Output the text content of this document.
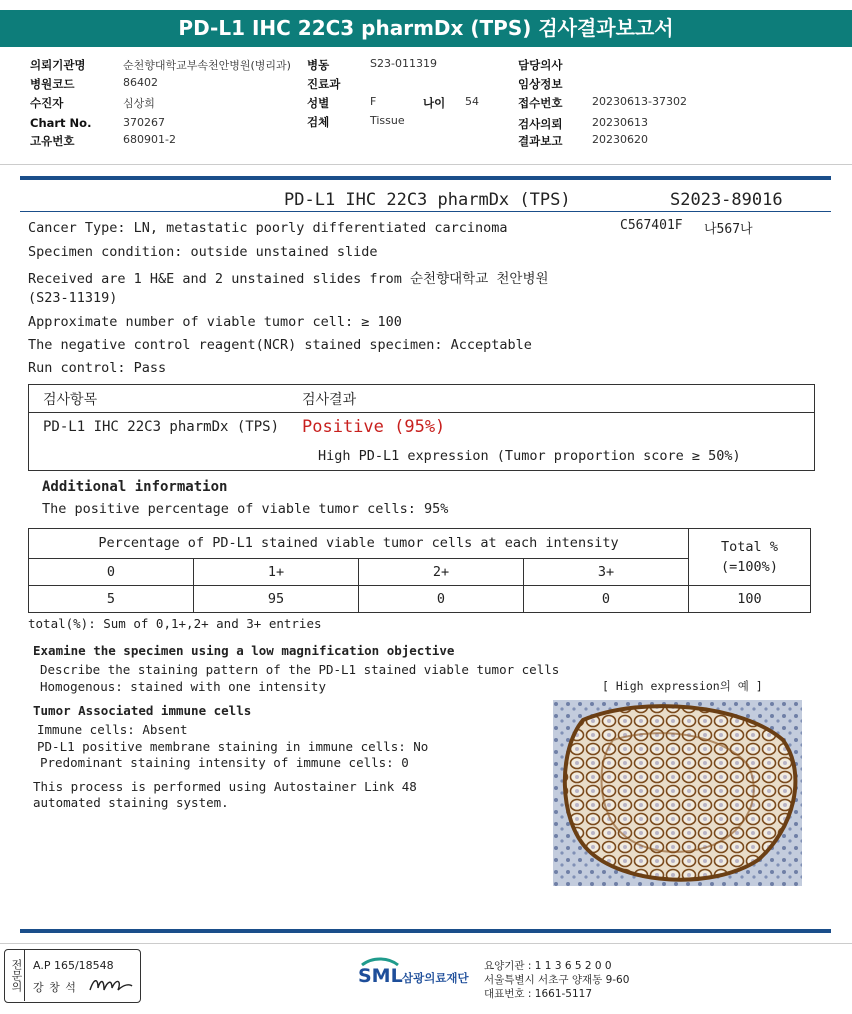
PD-L1 IHC 22C3 pharmDx (TPS) 검사결과보고서
의뢰기관명	순천향대학교부속천안병원(병리과) 병동	S23-011319	담당의사
병원코드	86402	진료과	임상정보
수진자	심상희	성별	F	나이 54	접수번호	20230613-37302
Chart No.	370267	검체	Tissue	검사의뢰	20230613
고유번호	680901-2	결과보고	20230620
PD-L1 IHC 22C3 pharmDx (TPS)	S2023-89016
C567401F 나567나
Cancer Type: LN, metastatic poorly differentiated carcinoma
Specimen condition: outside unstained slide
Received are 1 H&E and 2 unstained slides from 순천향대학교 천안병원
(S23-11319)
Approximate number of viable tumor cell: ≥ 100
The negative control reagent(NCR) stained specimen: Acceptable
Run control: Pass
검사항목	검사결과
PD-L1 IHC 22C3 pharmDx (TPS) Positive (95%)
High PD-L1 expression (Tumor proportion score ≥ 50%)
Additional information
The positive percentage of viable tumor cells: 95%
Percentage of PD-L1 stained viable tumor cells at each intensity	Total %
(=100%)
0	1+	2+	3+
5	95	0	0	100
total(%): Sum of 0,1+,2+ and 3+ entries
Examine the specimen using a low magnification objective
Describe the staining pattern of the PD-L1 stained viable tumor cells
Homogenous: stained with one intensity	[ High expression의 예 ]
Tumor Associated immune cells
Immune cells: Absent
PD-L1 positive membrane staining in immune cells: No
Predominant staining intensity of immune cells: 0
This process is performed using Autostainer Link 48
automated staining system.
전문의 A.P 165/18548
강 창 석
SML 삼광의료재단
요양기관 : 1 1 3 6 5 2 0 0
서울특별시 서초구 양재동 9-60
대표번호 : 1661-5117
